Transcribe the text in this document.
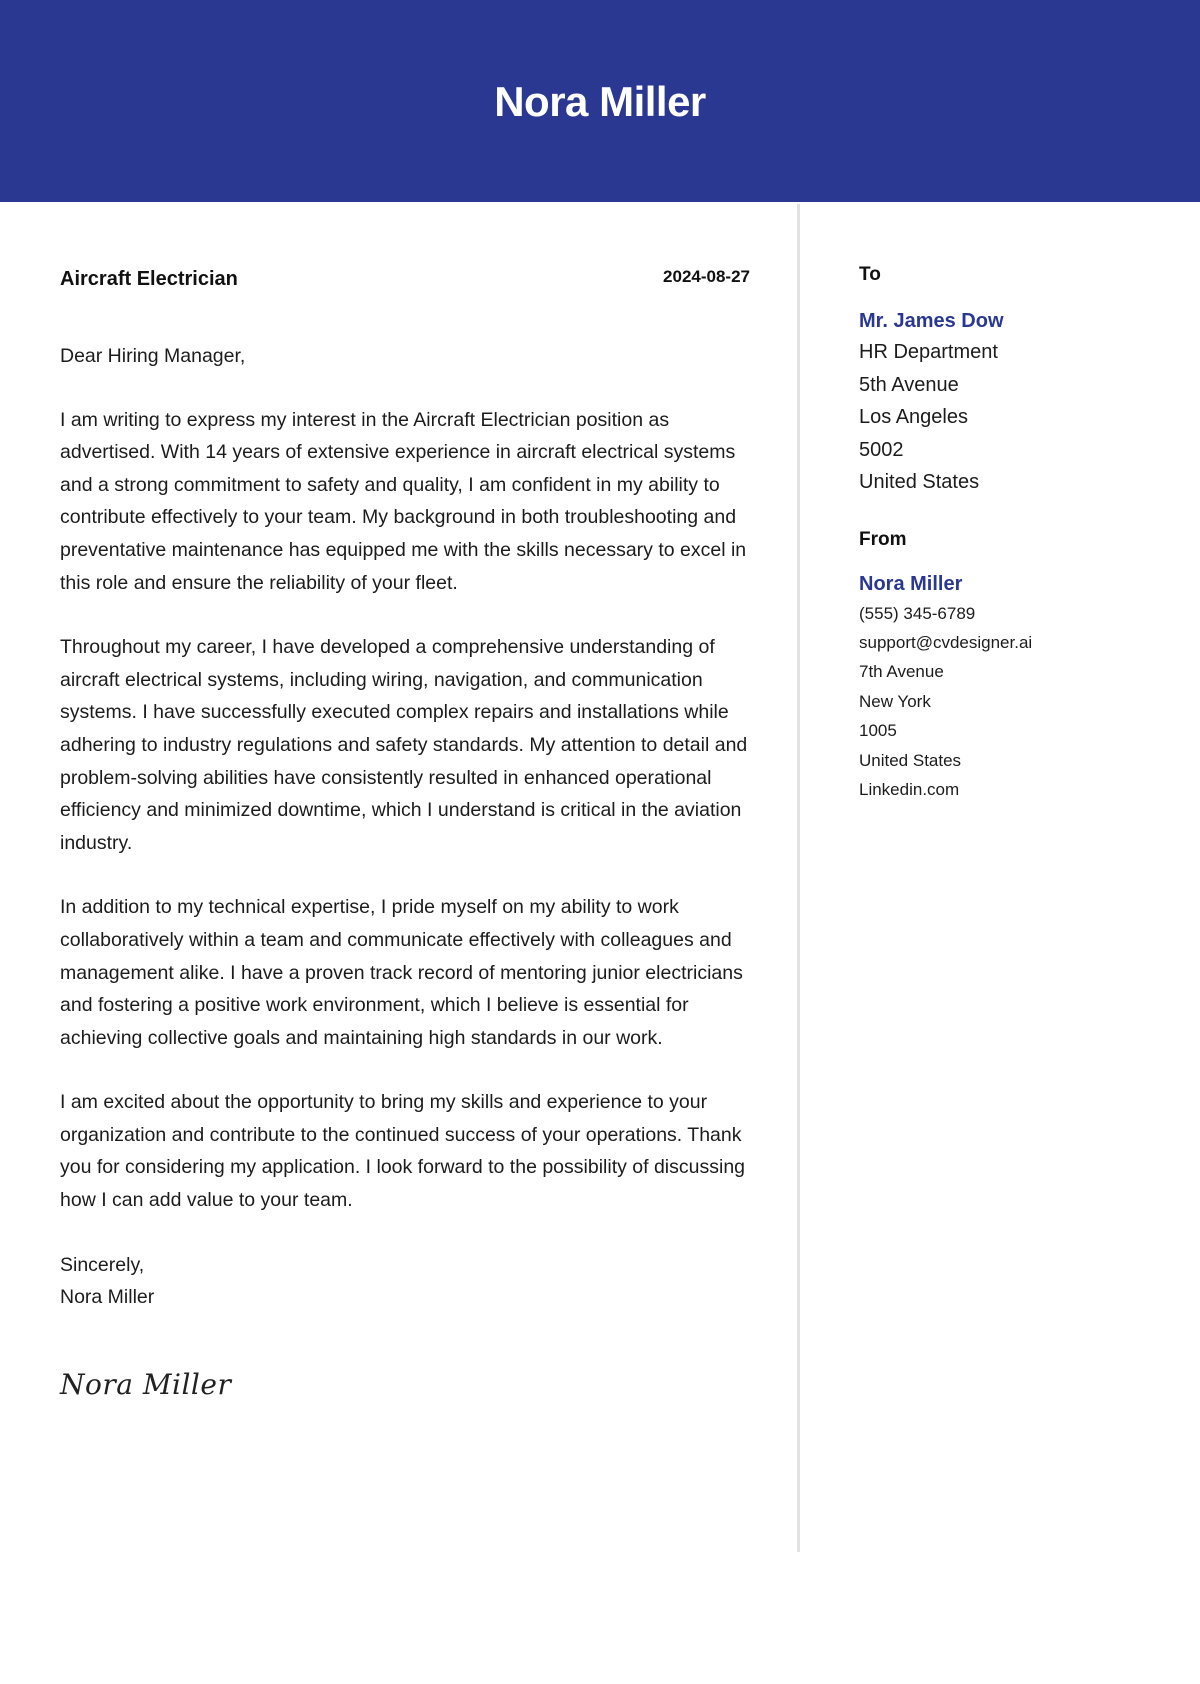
Nora Miller
Aircraft Electrician	2024-08-27

Dear Hiring Manager,

I am writing to express my interest in the Aircraft Electrician position as advertised. With 14 years of extensive experience in aircraft electrical systems and a strong commitment to safety and quality, I am confident in my ability to contribute effectively to your team. My background in both troubleshooting and preventative maintenance has equipped me with the skills necessary to excel in this role and ensure the reliability of your fleet.

Throughout my career, I have developed a comprehensive understanding of aircraft electrical systems, including wiring, navigation, and communication systems. I have successfully executed complex repairs and installations while adhering to industry regulations and safety standards. My attention to detail and problem-solving abilities have consistently resulted in enhanced operational efficiency and minimized downtime, which I understand is critical in the aviation industry.

In addition to my technical expertise, I pride myself on my ability to work collaboratively within a team and communicate effectively with colleagues and management alike. I have a proven track record of mentoring junior electricians and fostering a positive work environment, which I believe is essential for achieving collective goals and maintaining high standards in our work.

I am excited about the opportunity to bring my skills and experience to your organization and contribute to the continued success of your operations. Thank you for considering my application. I look forward to the possibility of discussing how I can add value to your team.

Sincerely,
Nora Miller
Nora Miller
To
Mr. James Dow
HR Department
5th Avenue
Los Angeles
5002
United States
From
Nora Miller
(555) 345-6789
support@cvdesigner.ai
7th Avenue
New York
1005
United States
Linkedin.com
